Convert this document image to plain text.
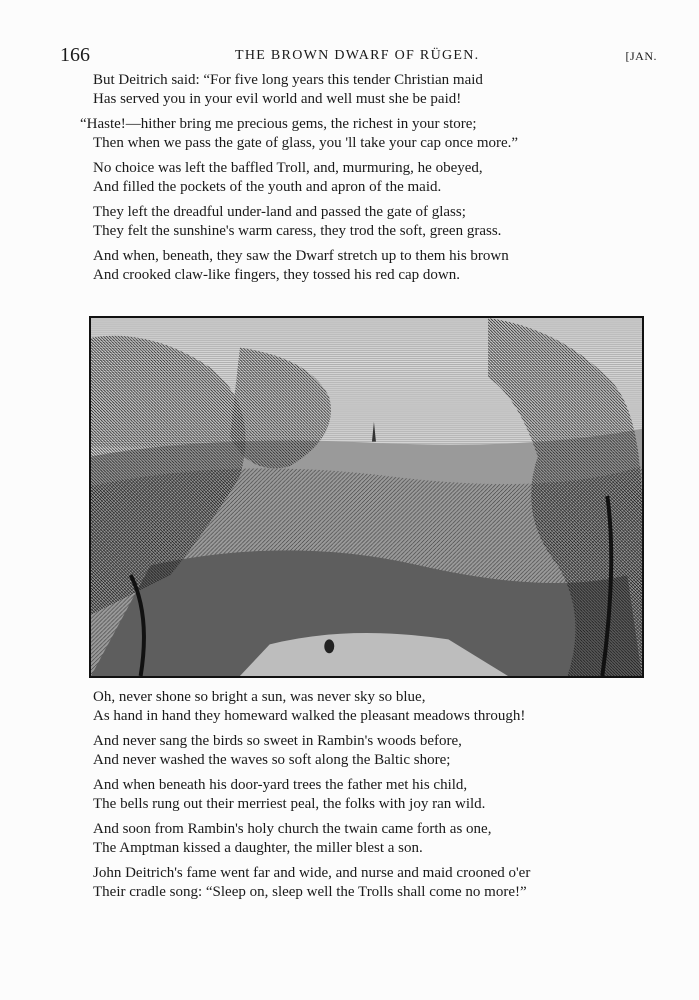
166	THE BROWN DWARF OF RÜGEN.	[JAN.
But Deitrich said: “For five long years this tender Christian maid
Has served you in your evil world and well must she be paid!
“Haste!—hither bring me precious gems, the richest in your store;
Then when we pass the gate of glass, you 'll take your cap once more.”
No choice was left the baffled Troll, and, murmuring, he obeyed,
And filled the pockets of the youth and apron of the maid.
They left the dreadful under-land and passed the gate of glass;
They felt the sunshine's warm caress, they trod the soft, green grass.
And when, beneath, they saw the Dwarf stretch up to them his brown
And crooked claw-like fingers, they tossed his red cap down.
Oh, never shone so bright a sun, was never sky so blue,
As hand in hand they homeward walked the pleasant meadows through!
And never sang the birds so sweet in Rambin's woods before,
And never washed the waves so soft along the Baltic shore;
And when beneath his door-yard trees the father met his child,
The bells rung out their merriest peal, the folks with joy ran wild.
And soon from Rambin's holy church the twain came forth as one,
The Amptman kissed a daughter, the miller blest a son.
John Deitrich's fame went far and wide, and nurse and maid crooned o'er
Their cradle song: “Sleep on, sleep well the Trolls shall come no more!”
